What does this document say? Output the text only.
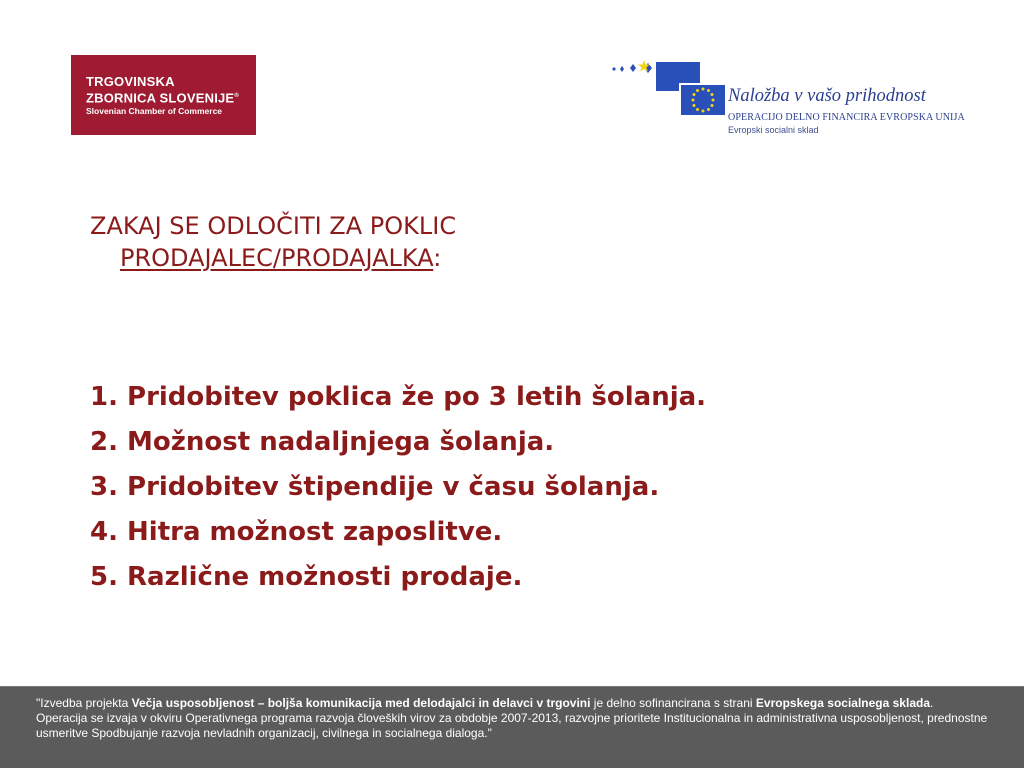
TRGOVINSKA
ZBORNICA SLOVENIJE®
Slovenian Chamber of Commerce
Naložba v vašo prihodnost
OPERACIJO DELNO FINANCIRA EVROPSKA UNIJA
Evropski socialni sklad
ZAKAJ SE ODLOČITI ZA POKLIC
PRODAJALEC/PRODAJALKA:
1. Pridobitev poklica že po 3 letih šolanja.
2. Možnost nadaljnjega šolanja.
3. Pridobitev štipendije v času šolanja.
4. Hitra možnost zaposlitve.
5. Različne možnosti prodaje.

"Izvedba projekta Večja usposobljenost – boljša komunikacija med delodajalci in delavci v trgovini je delno sofinancirana s strani Evropskega socialnega sklada.

Operacija se izvaja v okviru Operativnega programa razvoja človeških virov za obdobje 2007-2013, razvojne prioritete Institucionalna in administrativna usposobljenost, prednostne usmeritve Spodbujanje razvoja nevladnih organizacij, civilnega in socialnega dialoga."
